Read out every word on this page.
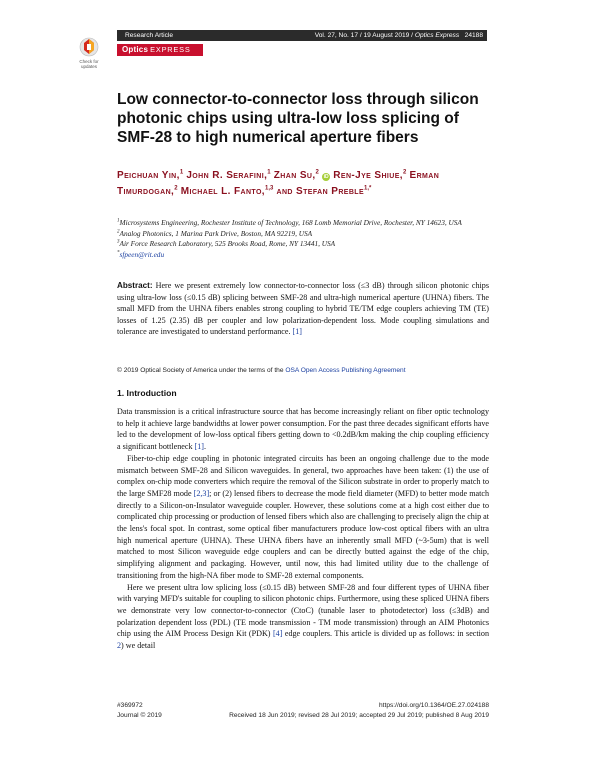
Check for
updates
Research Article	Vol. 27, No. 17 / 19 August 2019 / Optics Express 24188
Optics EXPRESS
Low connector-to-connector loss through silicon photonic chips using ultra-low loss splicing of SMF-28 to high numerical aperture fibers
Peichuan Yin,$^1$ John R. Serafini,$^1$ Zhan Su,$^2$ iD Ren-Jye Shiue,$^2$ Erman Timurdogan,$^2$ Michael L. Fanto,$^{1,3}$ and Stefan Preble$^{1,*}$

$^1$Microsystems Engineering, Rochester Institute of Technology, 168 Lomb Memorial Drive, Rochester, NY 14623, USA

$^2$Analog Photonics, 1 Marina Park Drive, Boston, MA 92219, USA

$^3$Air Force Research Laboratory, 525 Brooks Road, Rome, NY 13441, USA

*sfpeen@rit.edu

Abstract: Here we present extremely low connector-to-connector loss (≤3 dB) through silicon photonic chips using ultra-low loss (≤0.15 dB) splicing between SMF-28 and ultra-high numerical aperture (UHNA) fibers. The small MFD from the UHNA fibers enables strong coupling to hybrid TE/TM edge couplers achieving TM (TE) losses of 1.25 (2.35) dB per coupler and low polarization-dependent loss. Mode coupling simulations and tolerance are investigated to understand performance. [1]
© 2019 Optical Society of America under the terms of the OSA Open Access Publishing Agreement
1. Introduction

Data transmission is a critical infrastructure source that has become increasingly reliant on fiber optic technology to help it achieve large bandwidths at lower power consumption. For the past three decades significant efforts have led to the development of low-loss optical fibers getting down to <0.2dB/km making the chip coupling efficiency a significant bottleneck [1].

Fiber-to-chip edge coupling in photonic integrated circuits has been an ongoing challenge due to the mode mismatch between SMF-28 and Silicon waveguides. In general, two approaches have been taken: (1) the use of complex on-chip mode converters which require the removal of the Silicon substrate in order to properly match to the large SMF28 mode [2,3]; or (2) lensed fibers to decrease the mode field diameter (MFD) to better mode match directly to a Silicon-on-Insulator waveguide coupler. However, these solutions come at a high cost either due to complicated chip processing or production of lensed fibers which also are challenging to precisely align the chip at the lens's focal spot. In contrast, some optical fiber manufacturers produce low-cost optical fibers with an ultra high numerical aperture (UHNA). These UHNA fibers have an inherently small MFD (~3-5um) that is well matched to most Silicon waveguide edge couplers and can be directly butted against the edge of the chip, simplifying alignment and packaging. However, until now, this had limited utility due to the challenge of transitioning from the high-NA fiber mode to SMF-28 external components.

Here we present ultra low splicing loss (≤0.15 dB) between SMF-28 and four different types of UHNA fiber with varying MFD's suitable for coupling to silicon photonic chips. Furthermore, using these spliced UHNA fibers we demonstrate very low connector-to-connector (CtoC) (tunable laser to photodetector) loss (≤3dB) and polarization dependent loss (PDL) (TE mode transmission - TM mode transmission) through an AIM Photonics chip using the AIM Process Design Kit (PDK) [4] edge couplers. This article is divided up as follows: in section 2) we detail

#369972	https://doi.org/10.1364/OE.27.024188
Journal © 2019	Received 18 Jun 2019; revised 28 Jul 2019; accepted 29 Jul 2019; published 8 Aug 2019
